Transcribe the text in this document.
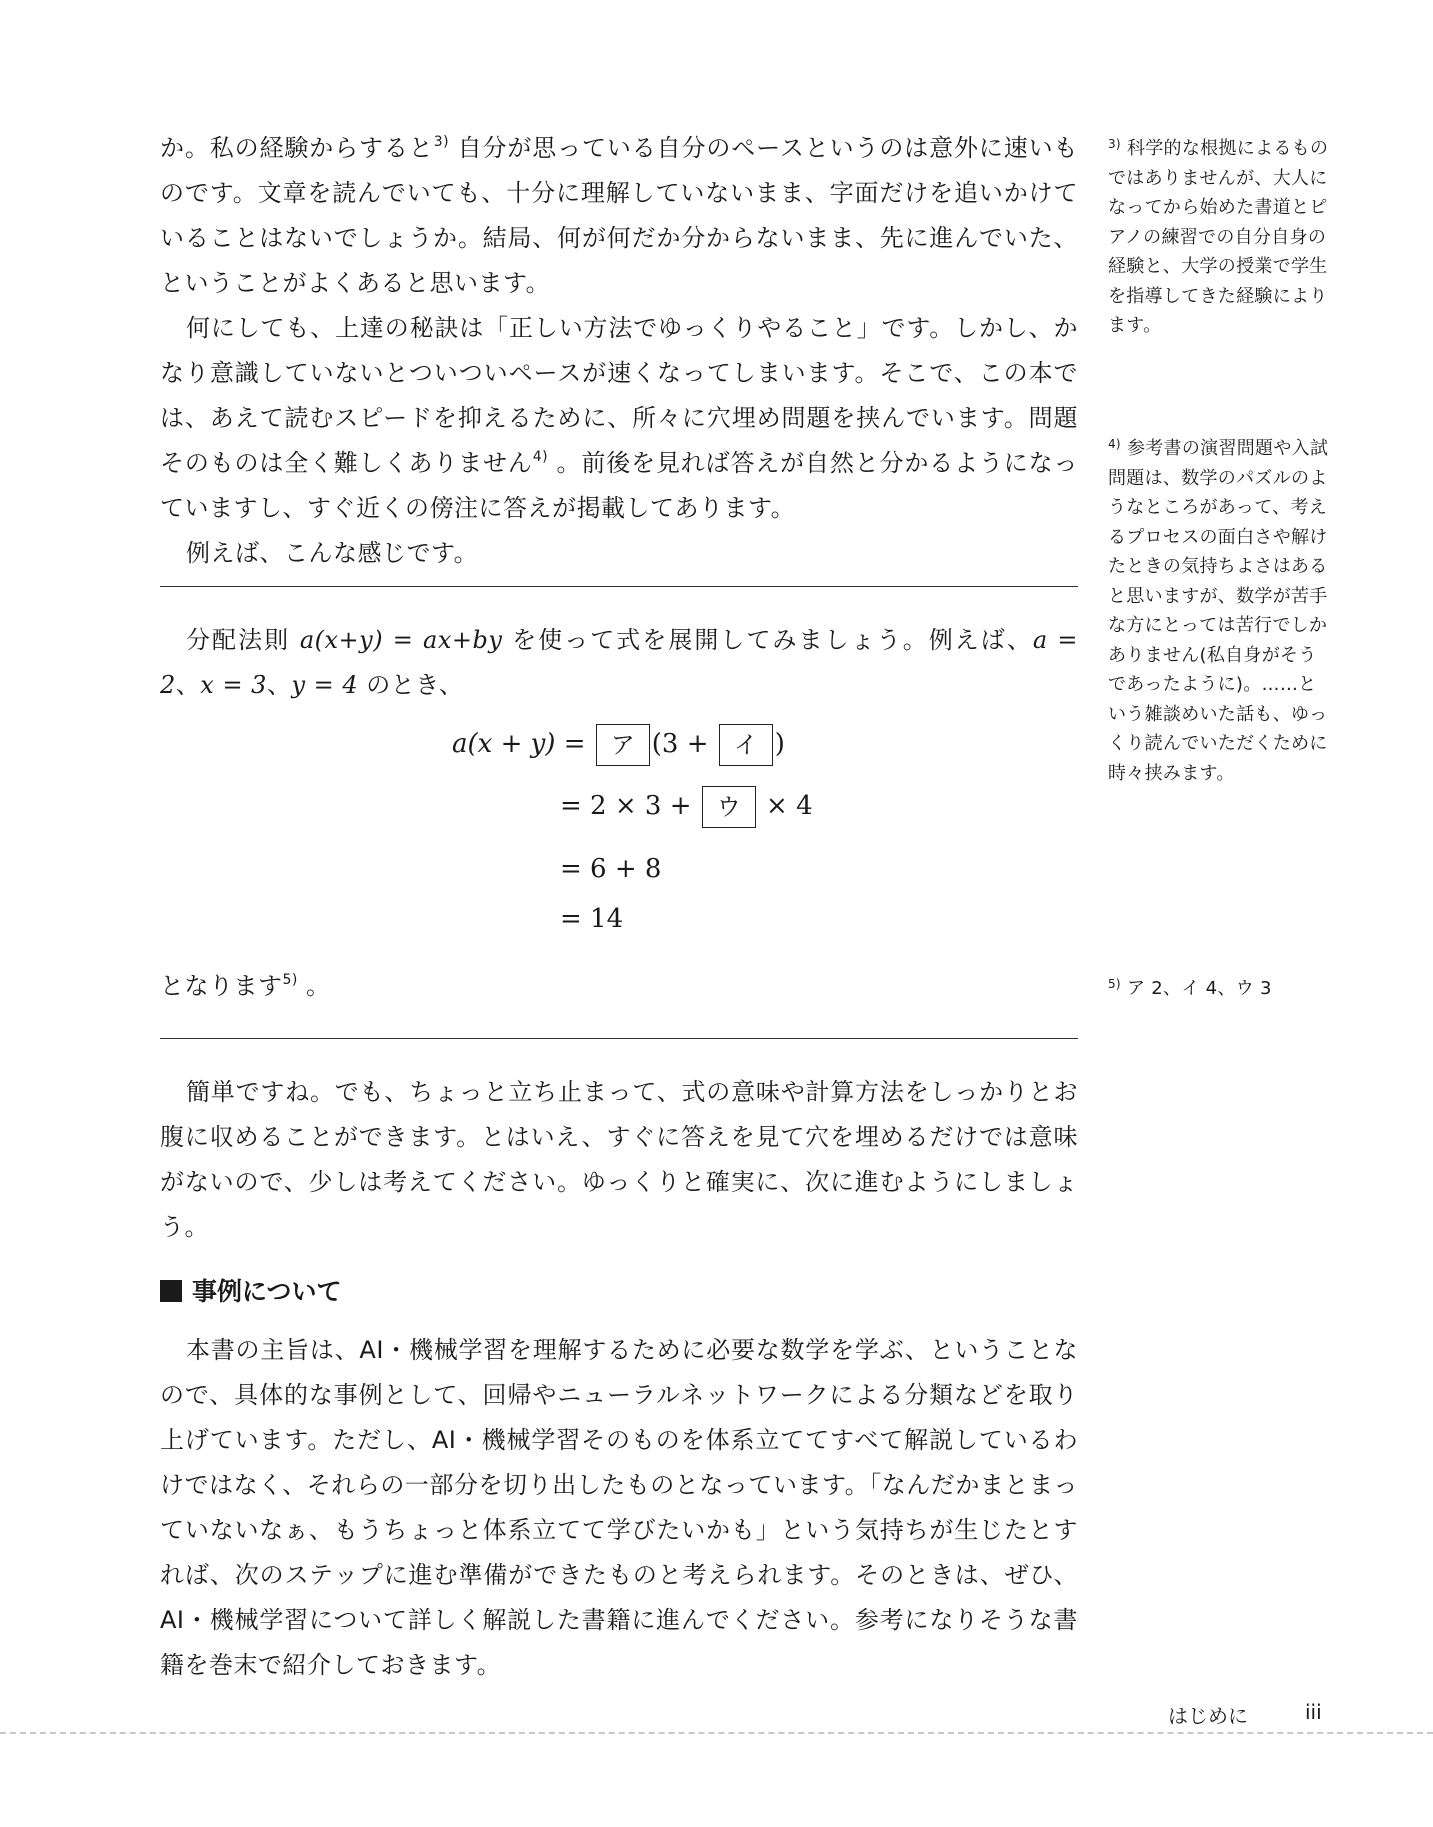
か。私の経験からすると$^{3)}$ 自分が思っている自分のペースというのは意外に速いものです。文章を読んでいても、十分に理解していないまま、字面だけを追いかけていることはないでしょうか。結局、何が何だか分からないまま、先に進んでいた、ということがよくあると思います。

何にしても、上達の秘訣は「正しい方法でゆっくりやること」です。しかし、かなり意識していないとついついペースが速くなってしまいます。そこで、この本では、あえて読むスピードを抑えるために、所々に穴埋め問題を挟んでいます。問題そのものは全く難しくありません$^{4)}$ 。前後を見れば答えが自然と分かるようになっていますし、すぐ近くの傍注に答えが掲載してあります。

例えば、こんな感じです。

分配法則 a(x+y) = ax+by を使って式を展開してみましょう。例えば、a = 2、x = 3、y = 4 のとき、

a(x + y) = ア (3 + イ )
= 2 × 3 + ウ × 4
= 6 + 8
= 14

となります$^{5)}$ 。

簡単ですね。でも、ちょっと立ち止まって、式の意味や計算方法をしっかりとお腹に収めることができます。とはいえ、すぐに答えを見て穴を埋めるだけでは意味がないので、少しは考えてください。ゆっくりと確実に、次に進むようにしましょう。

事例について

本書の主旨は、AI・機械学習を理解するために必要な数学を学ぶ、ということなので、具体的な事例として、回帰やニューラルネットワークによる分類などを取り上げています。ただし、AI・機械学習そのものを体系立ててすべて解説しているわけではなく、それらの一部分を切り出したものとなっています。「なんだかまとまっていないなぁ、もうちょっと体系立てて学びたいかも」という気持ちが生じたとすれば、次のステップに進む準備ができたものと考えられます。そのときは、ぜひ、AI・機械学習について詳しく解説した書籍に進んでください。参考になりそうな書籍を巻末で紹介しておきます。

$^{3)}$ 科学的な根拠によるものではありませんが、大人になってから始めた書道とピアノの練習での自分自身の経験と、大学の授業で学生を指導してきた経験によります。
$^{4)}$ 参考書の演習問題や入試問題は、数学のパズルのようなところがあって、考えるプロセスの面白さや解けたときの気持ちよさはあると思いますが、数学が苦手な方にとっては苦行でしかありません(私自身がそうであったように)。……という雑談めいた話も、ゆっくり読んでいただくために時々挟みます。
$^{5)}$ ア 2、イ 4、ウ 3
はじめに	iii
